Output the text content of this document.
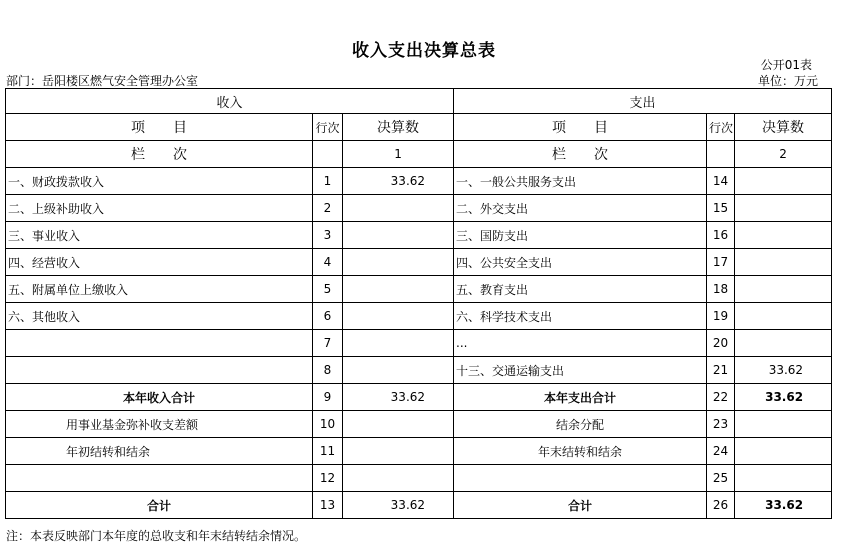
收入支出决算总表
公开01表
部门：岳阳楼区燃气安全管理办公室	单位：万元
收入			支出		
项　　目	行次	决算数	项　　目	行次	决算数
栏　　次		1	栏　　次		2
一、财政拨款收入	1	33.62	一、一般公共服务支出	14	
二、上级补助收入	2		二、外交支出	15	
三、事业收入	3		三、国防支出	16	
四、经营收入	4		四、公共安全支出	17	
五、附属单位上缴收入	5		五、教育支出	18	
六、其他收入	6		六、科学技术支出	19	
	7		...	20	
	8		十三、交通运输支出	21	33.62
本年收入合计	9	33.62	本年支出合计	22	33.62
用事业基金弥补收支差额	10		结余分配	23	
年初结转和结余	11		年末结转和结余	24	
	12			25	
合计	13	33.62	合计	26	33.62
注：本表反映部门本年度的总收支和年末结转结余情况。
